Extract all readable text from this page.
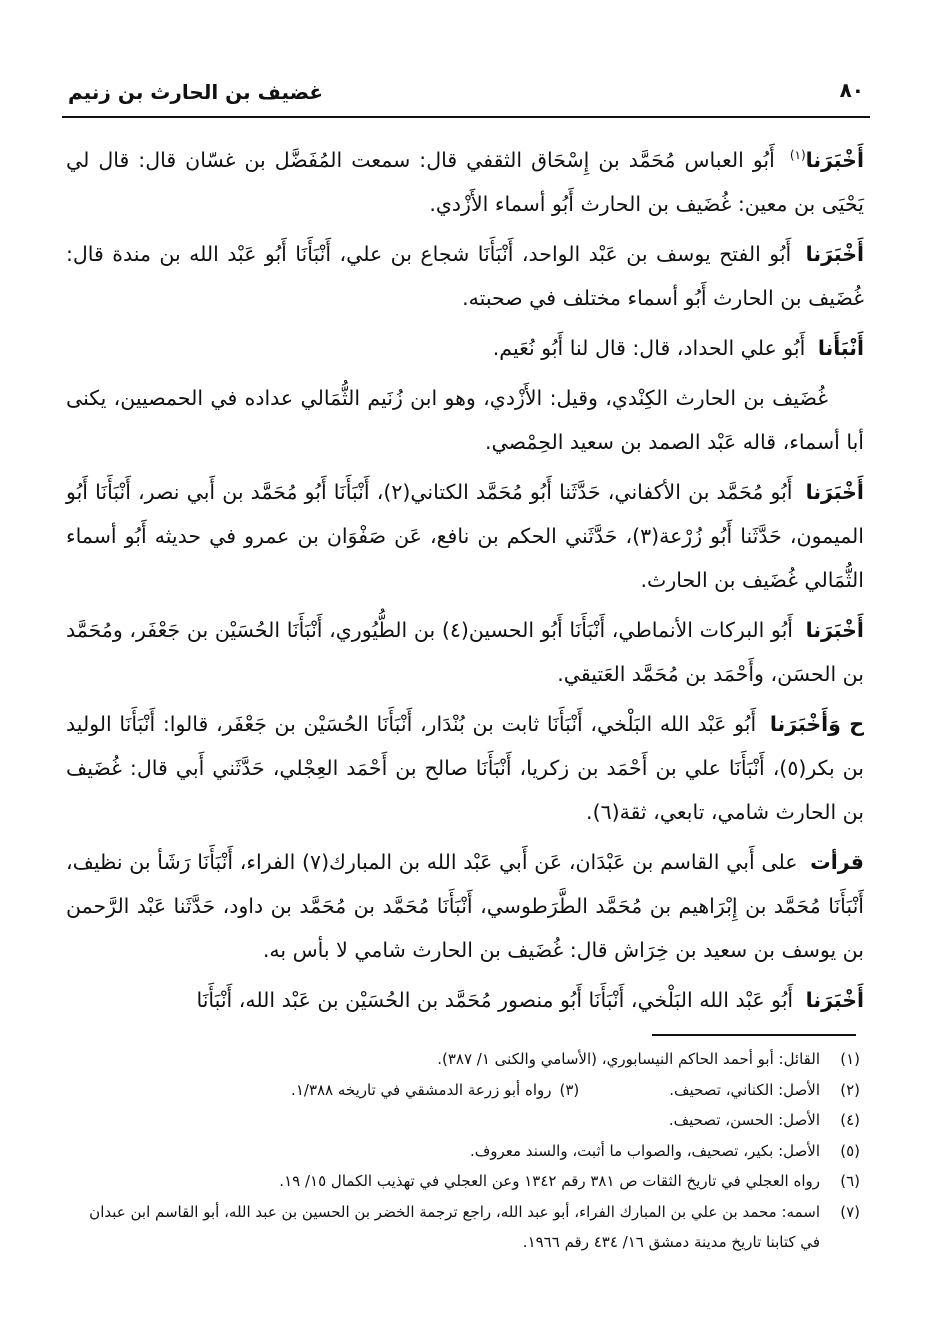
٨٠
غضيف بن الحارث بن زنيم

أَخْبَرَنا$^{(١)}$ أَبُو العباس مُحَمَّد بن إِسْحَاق الثقفي قال: سمعت المُفَضَّل بن غسّان قال: قال لي يَحْيَى بن معين: غُضَيف بن الحارث أَبُو أسماء الأَزْدي.

أَخْبَرَنا أَبُو الفتح يوسف بن عَبْد الواحد، أَنْبَأَنَا شجاع بن علي، أَنْبَأَنَا أَبُو عَبْد الله بن مندة قال: غُضَيف بن الحارث أَبُو أسماء مختلف في صحبته.

أَنْبَأَنا أَبُو علي الحداد، قال: قال لنا أَبُو نُعَيم.

غُضَيف بن الحارث الكِنْدي، وقيل: الأَزْدي، وهو ابن زُنَيم الثُّمَالي عداده في الحمصيين، يكنى أبا أسماء، قاله عَبْد الصمد بن سعيد الحِمْصي.

أَخْبَرَنا أَبُو مُحَمَّد بن الأكفاني، حَدَّثَنا أَبُو مُحَمَّد الكتاني(٢)، أَنْبَأَنَا أَبُو مُحَمَّد بن أَبي نصر، أَنْبَأَنَا أَبُو الميمون، حَدَّثَنا أَبُو زُرْعة(٣)، حَدَّثَني الحكم بن نافع، عَن صَفْوَان بن عمرو في حديثه أَبُو أسماء الثُّمَالي غُضَيف بن الحارث.

أَخْبَرَنا أَبُو البركات الأنماطي، أَنْبَأَنَا أَبُو الحسين(٤) بن الطُّيُوري، أَنْبَأَنَا الحُسَيْن بن جَعْفَر، ومُحَمَّد بن الحسَن، وأَحْمَد بن مُحَمَّد العَتيقي.

ح وَأَخْبَرَنا أَبُو عَبْد الله البَلْخي، أَنْبَأَنَا ثابت بن بُنْدَار، أَنْبَأَنَا الحُسَيْن بن جَعْفَر، قالوا: أَنْبَأَنَا الوليد بن بكر(٥)، أَنْبَأَنَا علي بن أَحْمَد بن زكريا، أَنْبَأَنَا صالح بن أَحْمَد العِجْلي، حَدَّثَني أَبي قال: غُضَيف بن الحارث شامي، تابعي، ثقة(٦).

قرأت على أَبي القاسم بن عَبْدَان، عَن أَبي عَبْد الله بن المبارك(٧) الفراء، أَنْبَأَنَا رَشَأ بن نظيف، أَنْبَأَنَا مُحَمَّد بن إِبْرَاهيم بن مُحَمَّد الطَّرَطوسي، أَنْبَأَنَا مُحَمَّد بن مُحَمَّد بن داود، حَدَّثَنا عَبْد الرَّحمن بن يوسف بن سعيد بن خِرَاش قال: غُضَيف بن الحارث شامي لا بأس به.

أَخْبَرَنا أَبُو عَبْد الله البَلْخي، أَنْبَأَنَا أَبُو منصور مُحَمَّد بن الحُسَيْن بن عَبْد الله، أَنْبَأَنَا

(١)
القائل: أبو أحمد الحاكم النيسابوري، (الأسامي والكنى ١/ ٣٨٧).
(٢)
الأصل: الكناني، تصحيف.
(٣)
رواه أبو زرعة الدمشقي في تاريخه ١/٣٨٨.
(٤)
الأصل: الحسن، تصحيف.
(٥)
الأصل: بكير، تصحيف، والصواب ما أثبت، والسند معروف.
(٦)
رواه العجلي في تاريخ الثقات ص ٣٨١ رقم ١٣٤٢ وعن العجلي في تهذيب الكمال ١٥/ ١٩.
(٧)
اسمه: محمد بن علي بن المبارك الفراء، أبو عبد الله، راجع ترجمة الخضر بن الحسين بن عبد الله، أبو القاسم ابن عبدان في كتابنا تاريخ مدينة دمشق ١٦/ ٤٣٤ رقم ١٩٦٦.
